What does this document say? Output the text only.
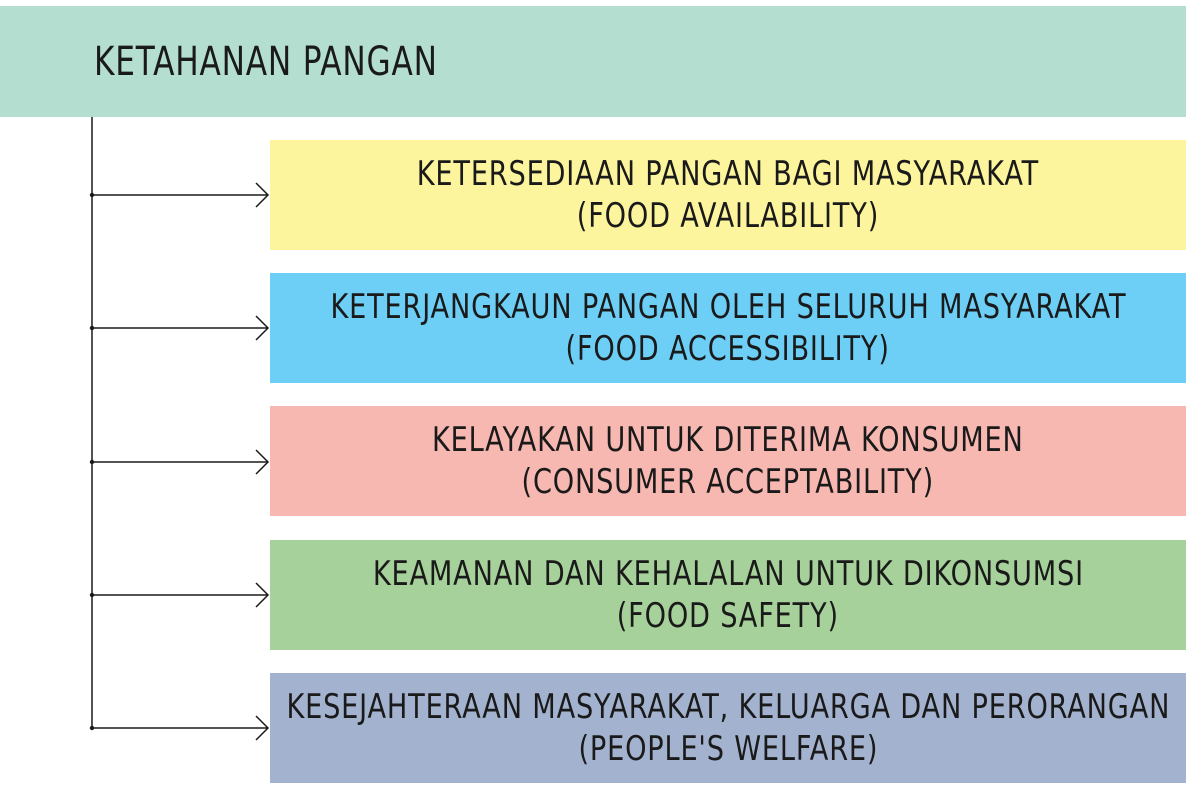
KETAHANAN PANGAN
KETERSEDIAAN PANGAN BAGI MASYARAKAT
(FOOD AVAILABILITY)
KETERJANGKAUN PANGAN OLEH SELURUH MASYARAKAT
(FOOD ACCESSIBILITY)
KELAYAKAN UNTUK DITERIMA KONSUMEN
(CONSUMER ACCEPTABILITY)
KEAMANAN DAN KEHALALAN UNTUK DIKONSUMSI
(FOOD SAFETY)
KESEJAHTERAAN MASYARAKAT, KELUARGA DAN PERORANGAN
(PEOPLE'S WELFARE)
